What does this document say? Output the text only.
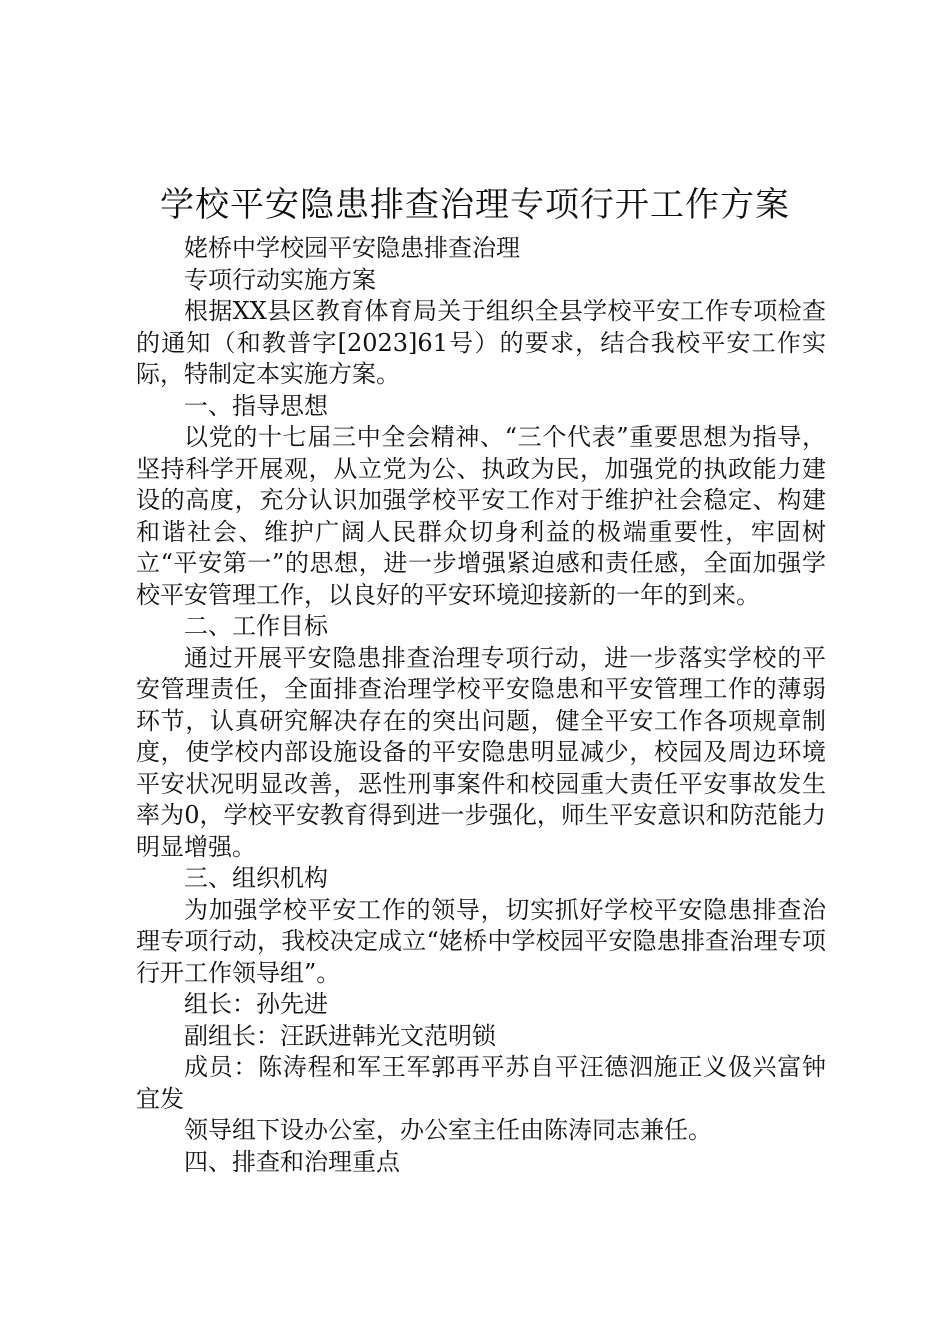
学校平安隐患排查治理专项行开工作方案

姥桥中学校园平安隐患排查治理

专项行动实施方案

根据XX县区教育体育局关于组织全县学校平安工作专项检查的通知（和教普字[2023]61号）的要求，结合我校平安工作实际，特制定本实施方案。

一、指导思想

以党的十七届三中全会精神、“三个代表”重要思想为指导，坚持科学开展观，从立党为公、执政为民，加强党的执政能力建设的高度，充分认识加强学校平安工作对于维护社会稳定、构建和谐社会、维护广阔人民群众切身利益的极端重要性，牢固树立“平安第一”的思想，进一步增强紧迫感和责任感，全面加强学校平安管理工作，以良好的平安环境迎接新的一年的到来。

二、工作目标

通过开展平安隐患排查治理专项行动，进一步落实学校的平安管理责任，全面排查治理学校平安隐患和平安管理工作的薄弱环节，认真研究解决存在的突出问题，健全平安工作各项规章制度，使学校内部设施设备的平安隐患明显减少，校园及周边环境平安状况明显改善，恶性刑事案件和校园重大责任平安事故发生率为0，学校平安教育得到进一步强化，师生平安意识和防范能力明显增强。

三、组织机构

为加强学校平安工作的领导，切实抓好学校平安隐患排查治理专项行动，我校决定成立“姥桥中学校园平安隐患排查治理专项行开工作领导组”。

组长：孙先进

副组长：汪跃进韩光文范明锁

成员：陈涛程和军王军郭再平苏自平汪德泗施正义伋兴富钟宜发

领导组下设办公室，办公室主任由陈涛同志兼任。

四、排查和治理重点
